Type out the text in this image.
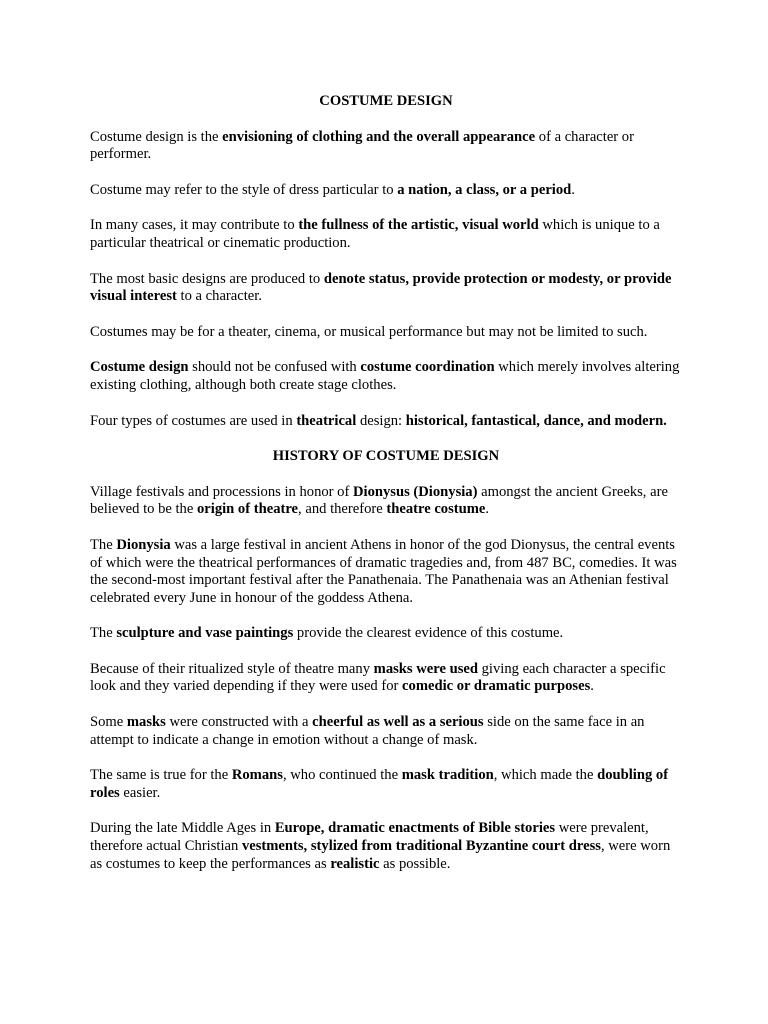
COSTUME DESIGN

Costume design is the envisioning of clothing and the overall appearance of a character or performer.

Costume may refer to the style of dress particular to a nation, a class, or a period.

In many cases, it may contribute to the fullness of the artistic, visual world which is unique to a particular theatrical or cinematic production.

The most basic designs are produced to denote status, provide protection or modesty, or provide visual interest to a character.

Costumes may be for a theater, cinema, or musical performance but may not be limited to such.

Costume design should not be confused with costume coordination which merely involves altering existing clothing, although both create stage clothes.

Four types of costumes are used in theatrical design: historical, fantastical, dance, and modern.

HISTORY OF COSTUME DESIGN

Village festivals and processions in honor of Dionysus (Dionysia) amongst the ancient Greeks, are believed to be the origin of theatre, and therefore theatre costume.

The Dionysia was a large festival in ancient Athens in honor of the god Dionysus, the central events of which were the theatrical performances of dramatic tragedies and, from 487 BC, comedies. It was the second-most important festival after the Panathenaia. The Panathenaia was an Athenian festival celebrated every June in honour of the goddess Athena.

The sculpture and vase paintings provide the clearest evidence of this costume.

Because of their ritualized style of theatre many masks were used giving each character a specific look and they varied depending if they were used for comedic or dramatic purposes.

Some masks were constructed with a cheerful as well as a serious side on the same face in an attempt to indicate a change in emotion without a change of mask.

The same is true for the Romans, who continued the mask tradition, which made the doubling of roles easier.

During the late Middle Ages in Europe, dramatic enactments of Bible stories were prevalent, therefore actual Christian vestments, stylized from traditional Byzantine court dress, were worn as costumes to keep the performances as realistic as possible.
